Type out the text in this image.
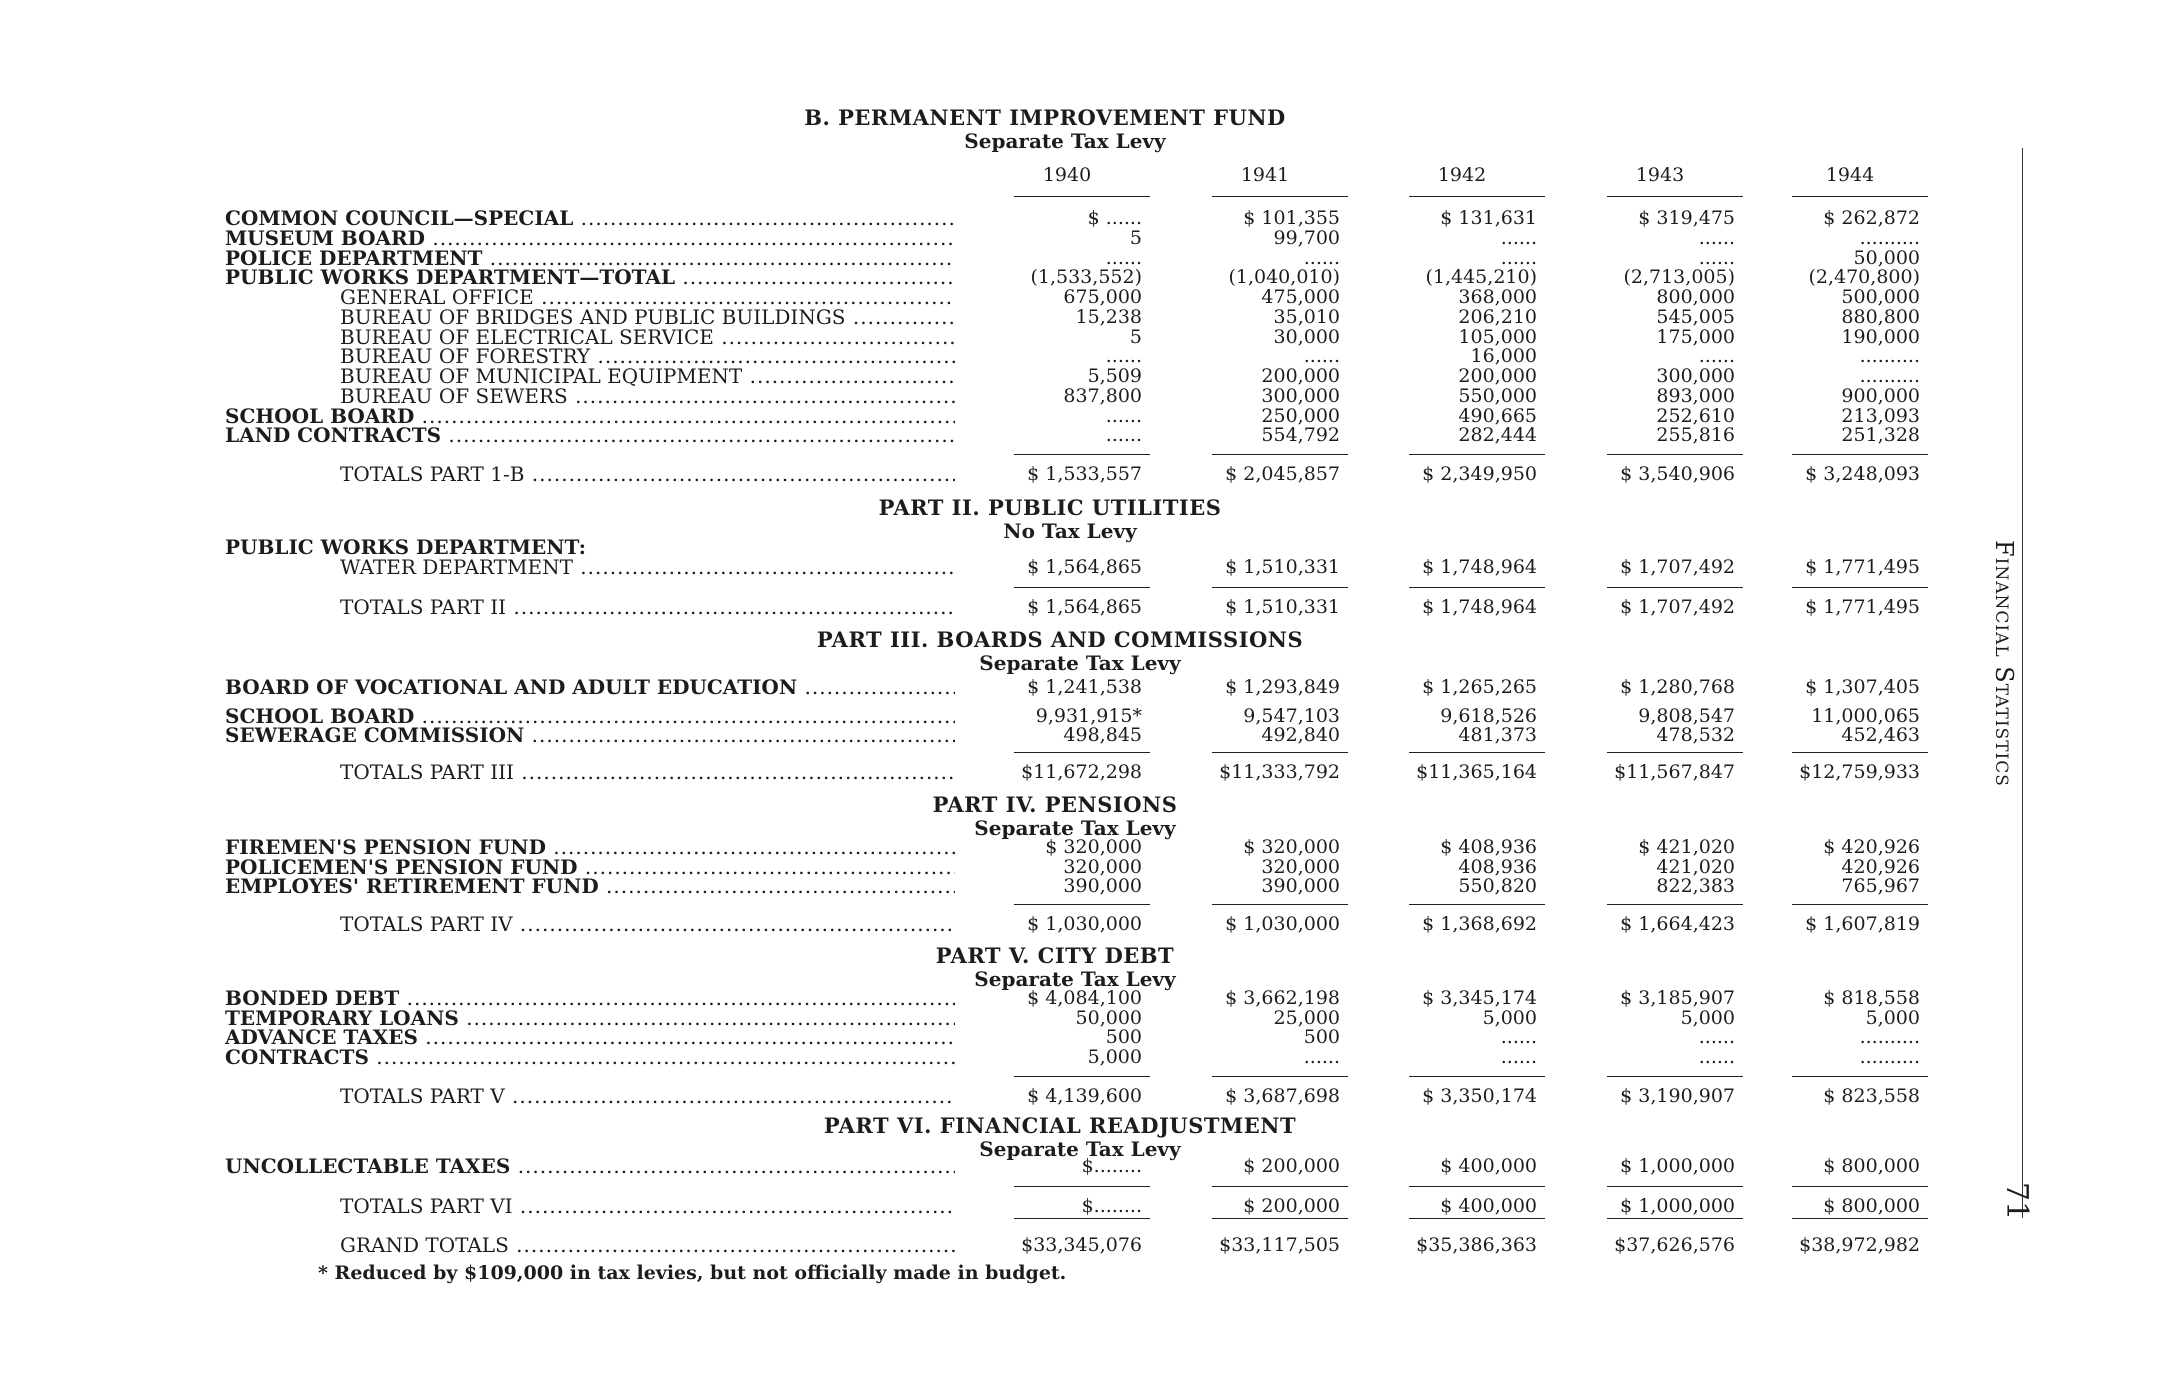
Financial Statistics
71
* Reduced by $109,000 in tax levies, but not officially made in budget.
1940	1941	1942	1943	1944
B. PERMANENT IMPROVEMENT FUND
Separate Tax Levy
COMMON COUNCIL—SPECIAL .....	$ ......	$ 101,355	$ 131,631	$ 319,475	$ 262,872
MUSEUM BOARD .....	5	99,700	......	......	..........
POLICE DEPARTMENT .....	......	......	......	......	50,000
PUBLIC WORKS DEPARTMENT—TOTAL .....	(1,533,552)	(1,040,010)	(1,445,210)	(2,713,005)	(2,470,800)
GENERAL OFFICE .....	675,000	475,000	368,000	800,000	500,000
BUREAU OF BRIDGES AND PUBLIC BUILDINGS .....	15,238	35,010	206,210	545,005	880,800
BUREAU OF ELECTRICAL SERVICE .....	5	30,000	105,000	175,000	190,000
BUREAU OF FORESTRY .....	......	......	16,000	......	..........
BUREAU OF MUNICIPAL EQUIPMENT .....	5,509	200,000	200,000	300,000	..........
BUREAU OF SEWERS .....	837,800	300,000	550,000	893,000	900,000
SCHOOL BOARD .....	......	250,000	490,665	252,610	213,093
LAND CONTRACTS .....	......	554,792	282,444	255,816	251,328
TOTALS PART 1-B .....	$ 1,533,557	$ 2,045,857	$ 2,349,950	$ 3,540,906	$ 3,248,093
PART II. PUBLIC UTILITIES
No Tax Levy
PUBLIC WORKS DEPARTMENT:
WATER DEPARTMENT .....	$ 1,564,865	$ 1,510,331	$ 1,748,964	$ 1,707,492	$ 1,771,495
TOTALS PART II .....	$ 1,564,865	$ 1,510,331	$ 1,748,964	$ 1,707,492	$ 1,771,495
PART III. BOARDS AND COMMISSIONS
Separate Tax Levy
BOARD OF VOCATIONAL AND ADULT EDUCATION .....	$ 1,241,538	$ 1,293,849	$ 1,265,265	$ 1,280,768	$ 1,307,405
SCHOOL BOARD .....	9,931,915*	9,547,103	9,618,526	9,808,547	11,000,065
SEWERAGE COMMISSION .....	498,845	492,840	481,373	478,532	452,463
TOTALS PART III .....	$11,672,298	$11,333,792	$11,365,164	$11,567,847	$12,759,933
PART IV. PENSIONS
Separate Tax Levy
FIREMEN'S PENSION FUND .....	$ 320,000	$ 320,000	$ 408,936	$ 421,020	$ 420,926
POLICEMEN'S PENSION FUND .....	320,000	320,000	408,936	421,020	420,926
EMPLOYES' RETIREMENT FUND .....	390,000	390,000	550,820	822,383	765,967
TOTALS PART IV .....	$ 1,030,000	$ 1,030,000	$ 1,368,692	$ 1,664,423	$ 1,607,819
PART V. CITY DEBT
Separate Tax Levy
BONDED DEBT .....	$ 4,084,100	$ 3,662,198	$ 3,345,174	$ 3,185,907	$ 818,558
TEMPORARY LOANS .....	50,000	25,000	5,000	5,000	5,000
ADVANCE TAXES .....	500	500	......	......	..........
CONTRACTS .....	5,000	......	......	......	..........
TOTALS PART V .....	$ 4,139,600	$ 3,687,698	$ 3,350,174	$ 3,190,907	$ 823,558
PART VI. FINANCIAL READJUSTMENT
Separate Tax Levy
UNCOLLECTABLE TAXES .....	$........	$ 200,000	$ 400,000	$ 1,000,000	$ 800,000
TOTALS PART VI .....	$........	$ 200,000	$ 400,000	$ 1,000,000	$ 800,000
GRAND TOTALS .....	$33,345,076	$33,117,505	$35,386,363	$37,626,576	$38,972,982
